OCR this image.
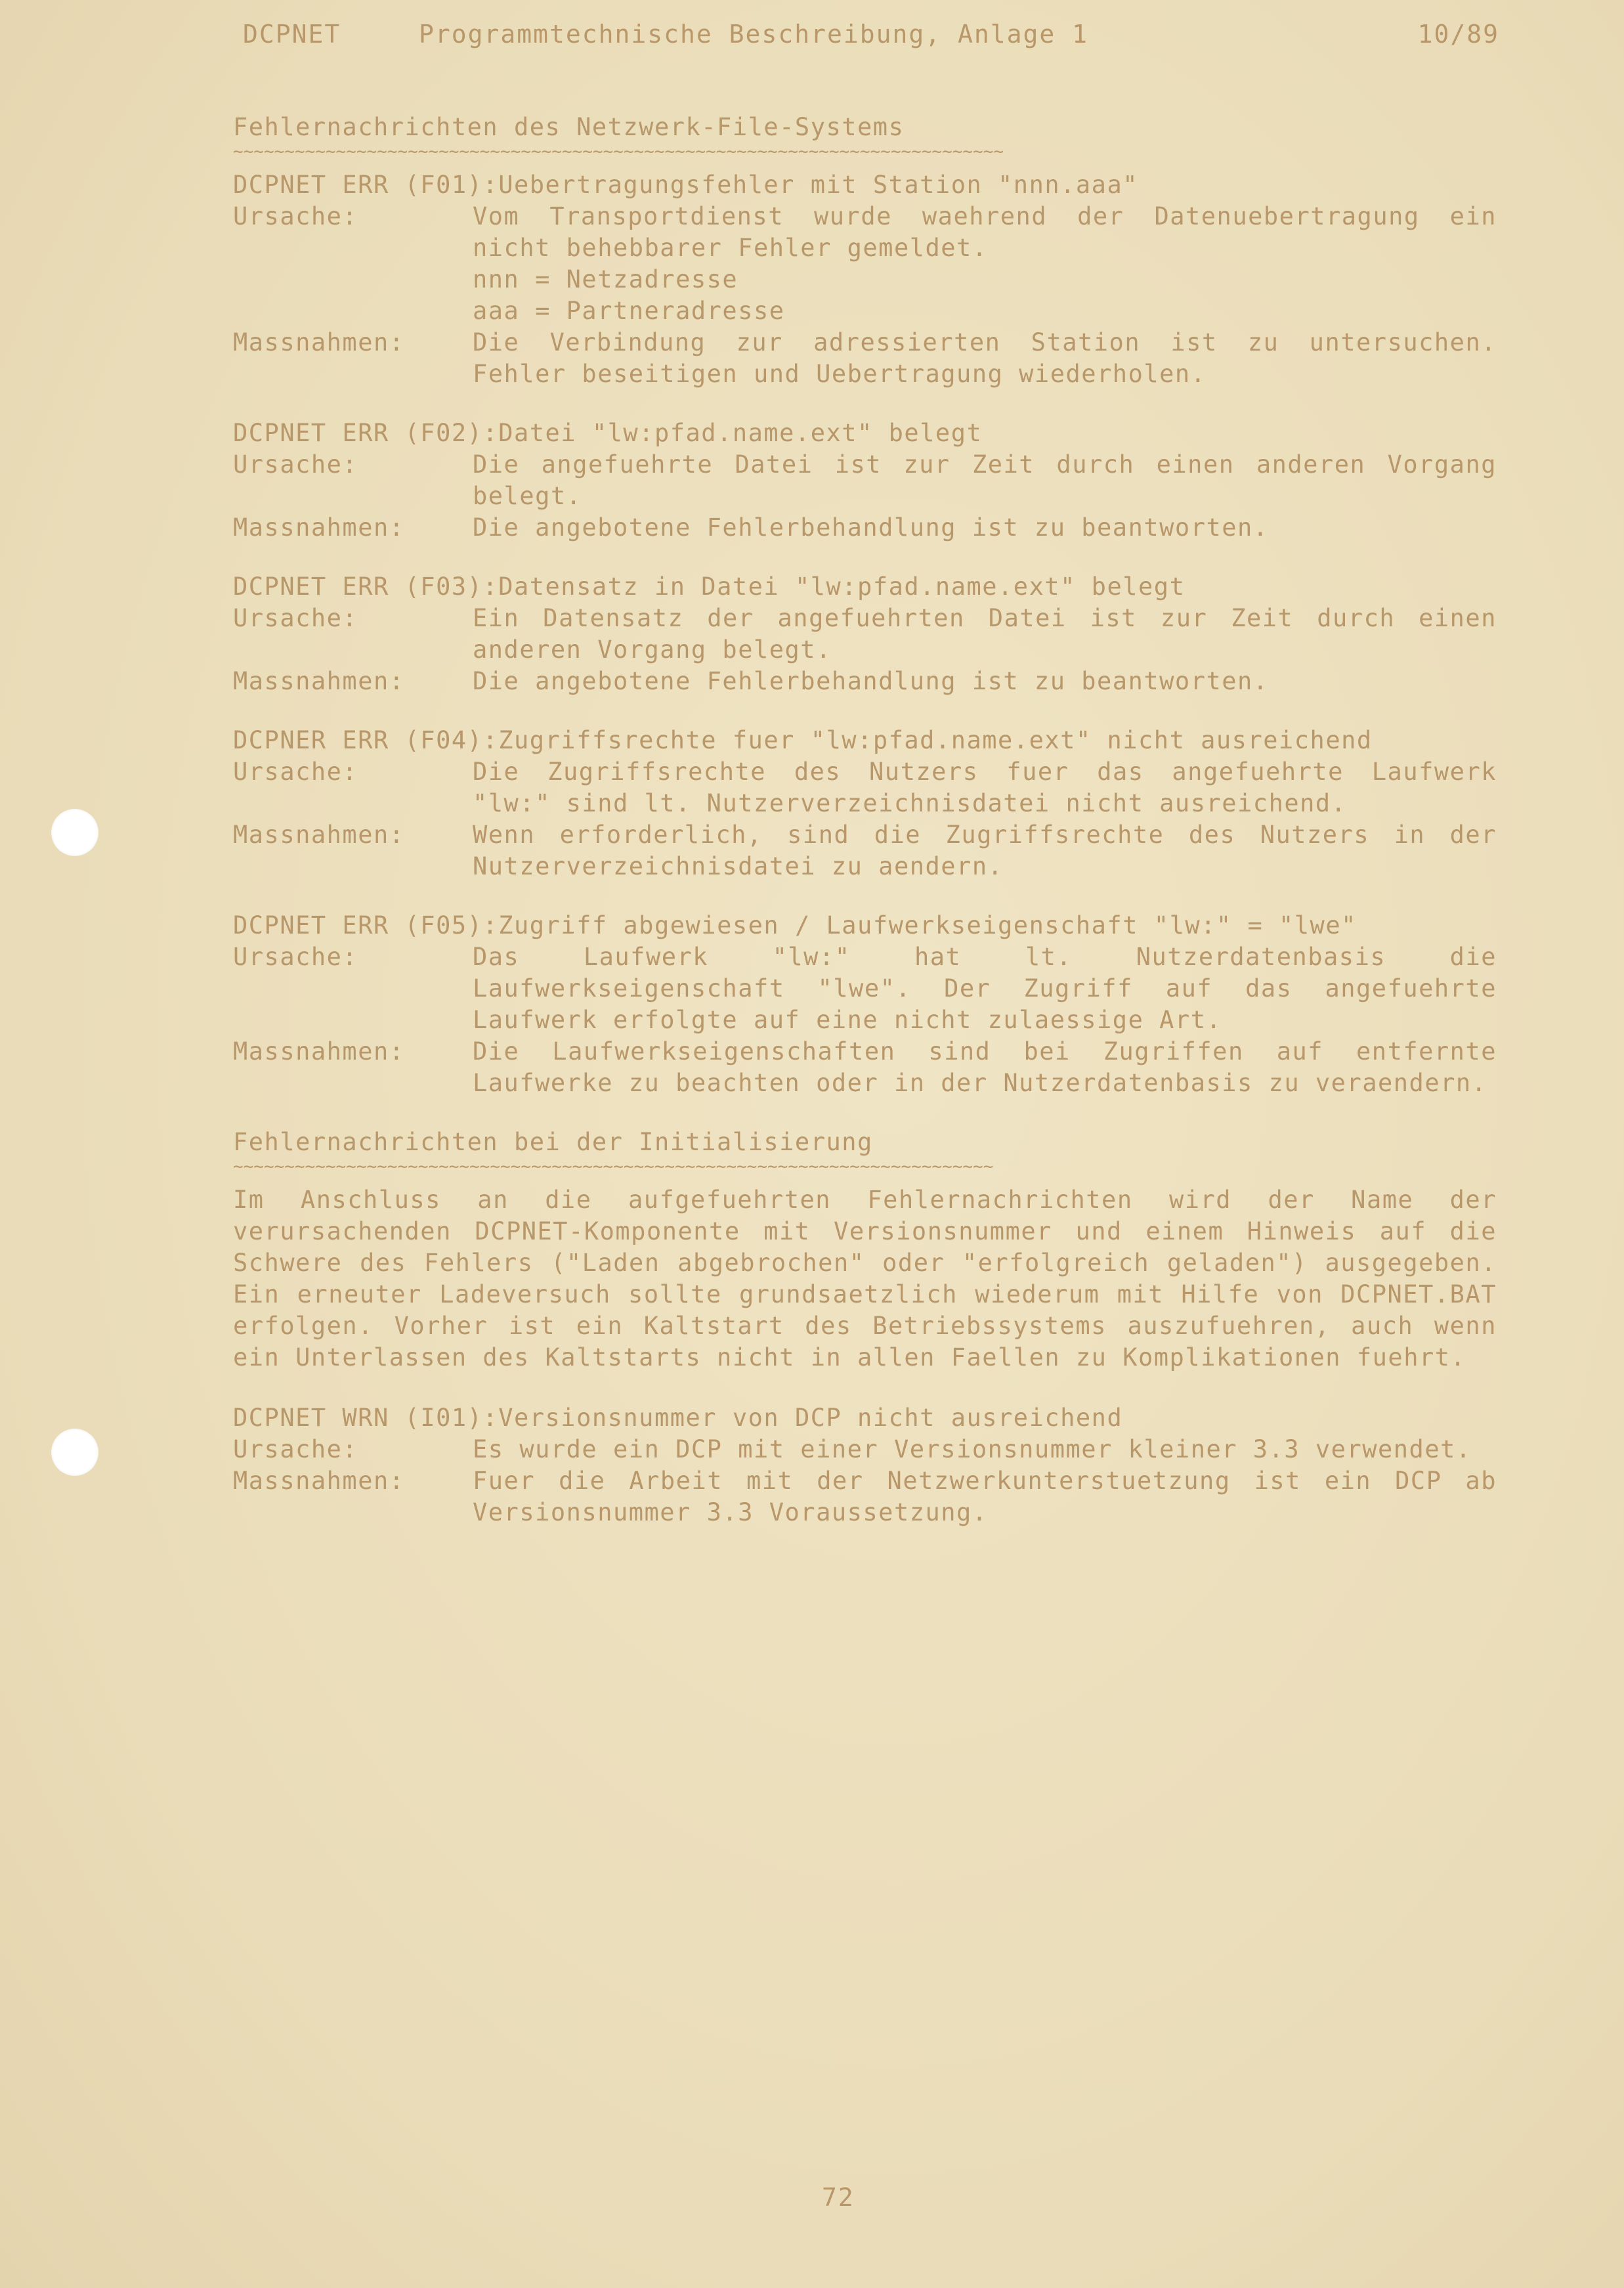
DCPNET

	Programmtechnische Beschreibung, Anlage 1

	10/89

Fehlernachrichten des Netzwerk-File-Systems
~~~~~~~~~~~~~~~~~~~~~~~~~~~~~~~~~~~~~~~~~~~~~~~~~~~~~~~~~~~~~~~~~~~~~~~~~~~
DCPNET ERR (F01): Uebertragungsfehler mit Station "nnn.aaa"
Ursache:	Vom Transportdienst wurde waehrend der Datenuebertragung ein nicht behebbarer Fehler gemeldet.
nnn = Netzadresse
aaa = Partneradresse
Massnahmen:	Die Verbindung zur adressierten Station ist zu untersuchen. Fehler beseitigen und Uebertragung wiederholen.
DCPNET ERR (F02): Datei "lw:pfad.name.ext" belegt
Ursache:	Die angefuehrte Datei ist zur Zeit durch einen anderen Vorgang belegt.
Massnahmen:	Die angebotene Fehlerbehandlung ist zu beantworten.
DCPNET ERR (F03): Datensatz in Datei "lw:pfad.name.ext" belegt
Ursache:	Ein Datensatz der angefuehrten Datei ist zur Zeit durch einen anderen Vorgang belegt.
Massnahmen:	Die angebotene Fehlerbehandlung ist zu beantworten.
DCPNER ERR (F04): Zugriffsrechte fuer "lw:pfad.name.ext" nicht ausreichend
Ursache:	Die Zugriffsrechte des Nutzers fuer das angefuehrte Laufwerk "lw:" sind lt. Nutzerverzeichnisdatei nicht ausreichend.
Massnahmen:	Wenn erforderlich, sind die Zugriffsrechte des Nutzers in der Nutzerverzeichnisdatei zu aendern.
DCPNET ERR (F05): Zugriff abgewiesen / Laufwerkseigenschaft "lw:" = "lwe"
Ursache:	Das Laufwerk "lw:" hat lt. Nutzerdatenbasis die Laufwerkseigenschaft "lwe". Der Zugriff auf das angefuehrte Laufwerk erfolgte auf eine nicht zulaessige Art.
Massnahmen:	Die Laufwerkseigenschaften sind bei Zugriffen auf entfernte Laufwerke zu beachten oder in der Nutzerdatenbasis zu veraendern.
Fehlernachrichten bei der Initialisierung
~~~~~~~~~~~~~~~~~~~~~~~~~~~~~~~~~~~~~~~~~~~~~~~~~~~~~~~~~~~~~~~~~~~~~~~~~~
Im Anschluss an die aufgefuehrten Fehlernachrichten wird der Name der verursachenden DCPNET-Komponente mit Versionsnummer und einem Hinweis auf die Schwere des Fehlers ("Laden abgebrochen" oder "erfolgreich geladen") ausgegeben. Ein erneuter Ladeversuch sollte grundsaetzlich wiederum mit Hilfe von DCPNET.BAT erfolgen. Vorher ist ein Kaltstart des Betriebssystems auszufuehren, auch wenn ein Unterlassen des Kaltstarts nicht in allen Faellen zu Komplikationen fuehrt.
DCPNET WRN (I01): Versionsnummer von DCP nicht ausreichend
Ursache:	Es wurde ein DCP mit einer Versionsnummer kleiner 3.3 verwendet.
Massnahmen:	Fuer die Arbeit mit der Netzwerkunterstuetzung ist ein DCP ab Versionsnummer 3.3 Voraussetzung.
72
